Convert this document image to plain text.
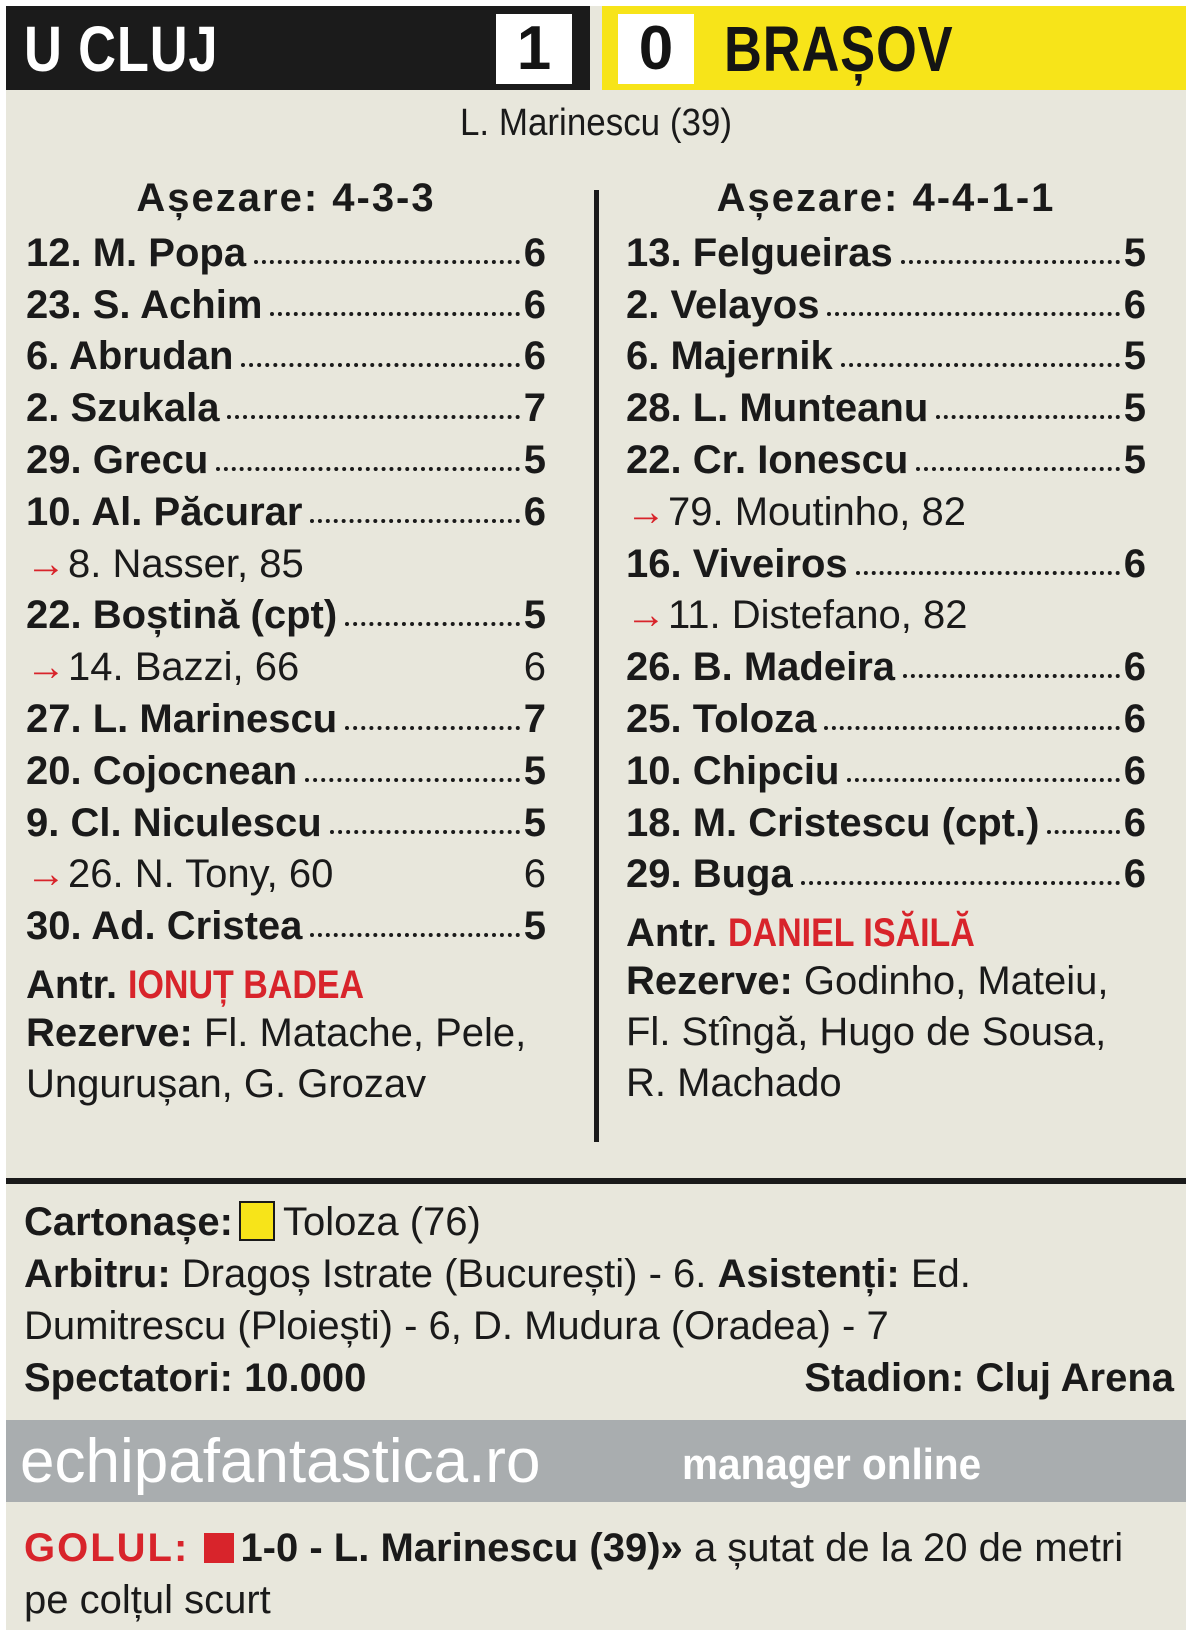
U CLUJ	1	0 BRAȘOV
L. Marinescu (39)
Așezare: 4-3-3
12. M. Popa	6
23. S. Achim	6
6. Abrudan	6
2. Szukala	7
29. Grecu	5
10. Al. Păcurar	6
→ 8. Nasser, 85
22. Boștină (cpt)	5
→ 14. Bazzi, 66	6
27. L. Marinescu	7
20. Cojocnean	5
9. Cl. Niculescu	5
→ 26. N. Tony, 60	6
30. Ad. Cristea	5
Antr. IONUȚ BADEA
Rezerve: Fl. Matache, Pele, Ungurușan, G. Grozav
Așezare: 4-4-1-1
13. Felgueiras	5
2. Velayos	6
6. Majernik	5
28. L. Munteanu	5
22. Cr. Ionescu	5
→ 79. Moutinho, 82
16. Viveiros	6
→ 11. Distefano, 82
26. B. Madeira	6
25. Toloza	6
10. Chipciu	6
18. M. Cristescu (cpt.) 6
29. Buga	6
Antr. DANIEL ISĂILĂ
Rezerve: Godinho, Mateiu, Fl. Stîngă, Hugo de Sousa, R. Machado
Cartonașe: Toloza (76)
Arbitru: Dragoș Istrate (București) - 6. Asistenți: Ed. Dumitrescu (Ploiești) - 6, D. Mudura (Oradea) - 7
Spectatori: 10.000	Stadion: Cluj Arena
echipafantastica.ro	manager online
GOLUL: 1-0 - L. Marinescu (39)» a șutat de la 20 de metri pe colțul scurt
